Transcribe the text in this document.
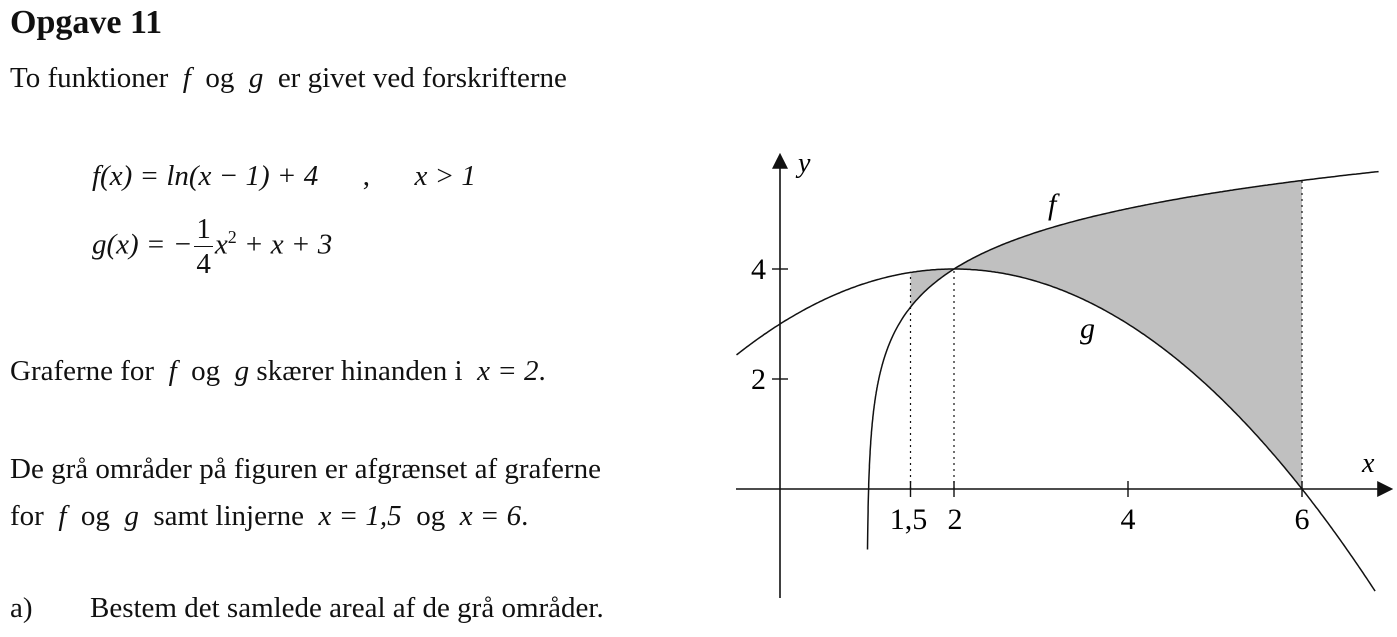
Opgave 11
To funktioner f og g er givet ved forskrifterne
f(x) = ln(x − 1) + 4 , x > 1
g(x) = − $\frac{1}{4} x^2 + x + 3$
Graferne for f og g skærer hinanden i x = 2.
De grå områder på figuren er afgrænset af graferne
for f og g samt linjerne x = 1,5 og x = 6.
a) Bestem det samlede areal af de grå områder.
1,5 2	4	6
2
4
x
y
f
g
